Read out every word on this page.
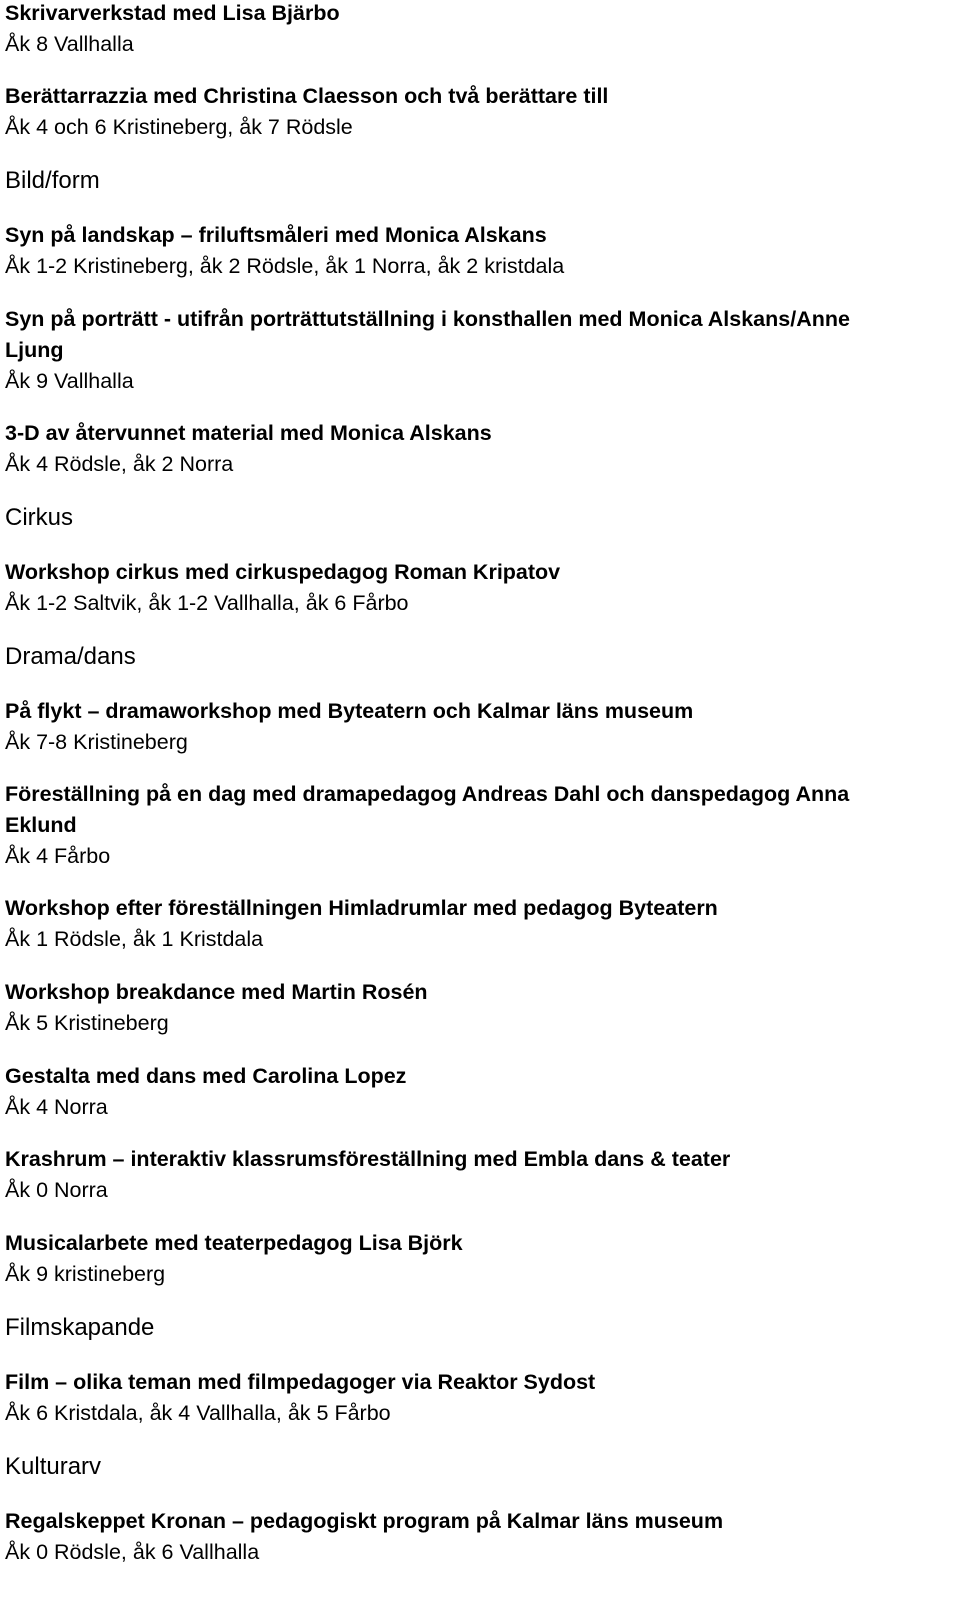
Skrivarverkstad med Lisa Bjärbo
Åk 8 Vallhalla
Berättarrazzia med Christina Claesson och två berättare till
Åk 4 och 6 Kristineberg, åk 7 Rödsle
Bild/form
Syn på landskap – friluftsmåleri med Monica Alskans
Åk 1-2 Kristineberg, åk 2 Rödsle, åk 1 Norra, åk 2 kristdala
Syn på porträtt - utifrån porträttutställning i konsthallen med Monica Alskans/Anne
Ljung
Åk 9 Vallhalla
3-D av återvunnet material med Monica Alskans
Åk 4 Rödsle, åk 2 Norra
Cirkus
Workshop cirkus med cirkuspedagog Roman Kripatov
Åk 1-2 Saltvik, åk 1-2 Vallhalla, åk 6 Fårbo
Drama/dans
På flykt – dramaworkshop med Byteatern och Kalmar läns museum
Åk 7-8 Kristineberg
Föreställning på en dag med dramapedagog Andreas Dahl och danspedagog Anna
Eklund
Åk 4 Fårbo
Workshop efter föreställningen Himladrumlar med pedagog Byteatern
Åk 1 Rödsle, åk 1 Kristdala
Workshop breakdance med Martin Rosén
Åk 5 Kristineberg
Gestalta med dans med Carolina Lopez
Åk 4 Norra
Krashrum – interaktiv klassrumsföreställning med Embla dans & teater
Åk 0 Norra
Musicalarbete med teaterpedagog Lisa Björk
Åk 9 kristineberg
Filmskapande
Film – olika teman med filmpedagoger via Reaktor Sydost
Åk 6 Kristdala, åk 4 Vallhalla, åk 5 Fårbo
Kulturarv
Regalskeppet Kronan – pedagogiskt program på Kalmar läns museum
Åk 0 Rödsle, åk 6 Vallhalla
